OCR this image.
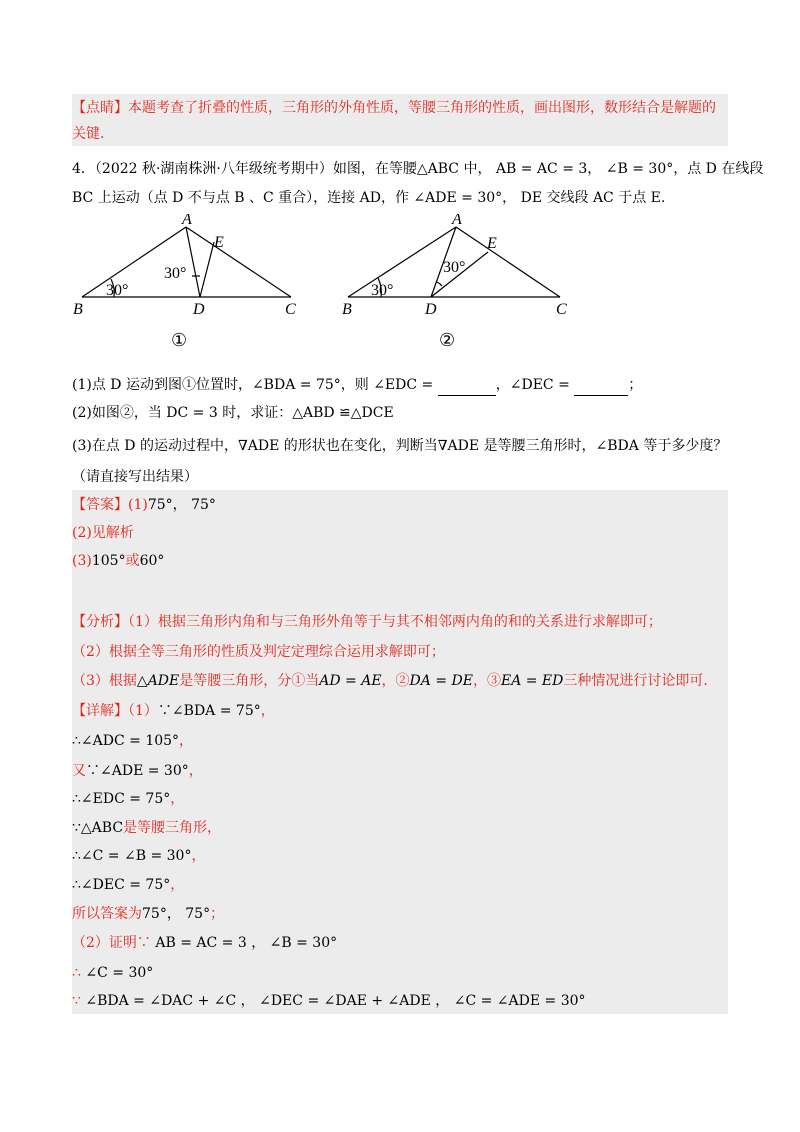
【点睛】本题考查了折叠的性质，三角形的外角性质，等腰三角形的性质，画出图形，数形结合是解题的
关键.
4．（2022 秋·湖南株洲·八年级统考期中）如图，在等腰△ABC 中， AB = AC = 3， ∠B = 30°，点 D 在线段
BC 上运动（点 D 不与点 B 、C 重合），连接 AD，作 ∠ADE = 30°， DE 交线段 AC 于点 E.
A
E
B	D	C
30°
30°
①
A
E
B	D	C
30°
30°
②
(1)点 D 运动到图①位置时，∠BDA = 75°，则 ∠EDC =	，∠DEC =	；
(2)如图②，当 DC = 3 时，求证：△ABD ≌△DCE
(3)在点 D 的运动过程中，∇ADE 的形状也在变化，判断当∇ADE 是等腰三角形时，∠BDA 等于多少度？
（请直接写出结果）
【答案】(1)75°， 75°
(2)见解析
(3)105°或60°
【分析】（1）根据三角形内角和与三角形外角等于与其不相邻两内角的和的关系进行求解即可；
（2）根据全等三角形的性质及判定定理综合运用求解即可；
（3）根据△ADE是等腰三角形，分①当AD = AE，②DA = DE，③EA = ED三种情况进行讨论即可.
【详解】（1）∵∠BDA = 75°，
∴∠ADC = 105°，
又∵∠ADE = 30°，
∴∠EDC = 75°，
∵△ABC是等腰三角形，
∴∠C = ∠B = 30°，
∴∠DEC = 75°，
所以答案为75°， 75°；
（2）证明∵ AB = AC = 3 ， ∠B = 30°
∴ ∠C = 30°
∵ ∠BDA = ∠DAC + ∠C ， ∠DEC = ∠DAE + ∠ADE ， ∠C = ∠ADE = 30°
